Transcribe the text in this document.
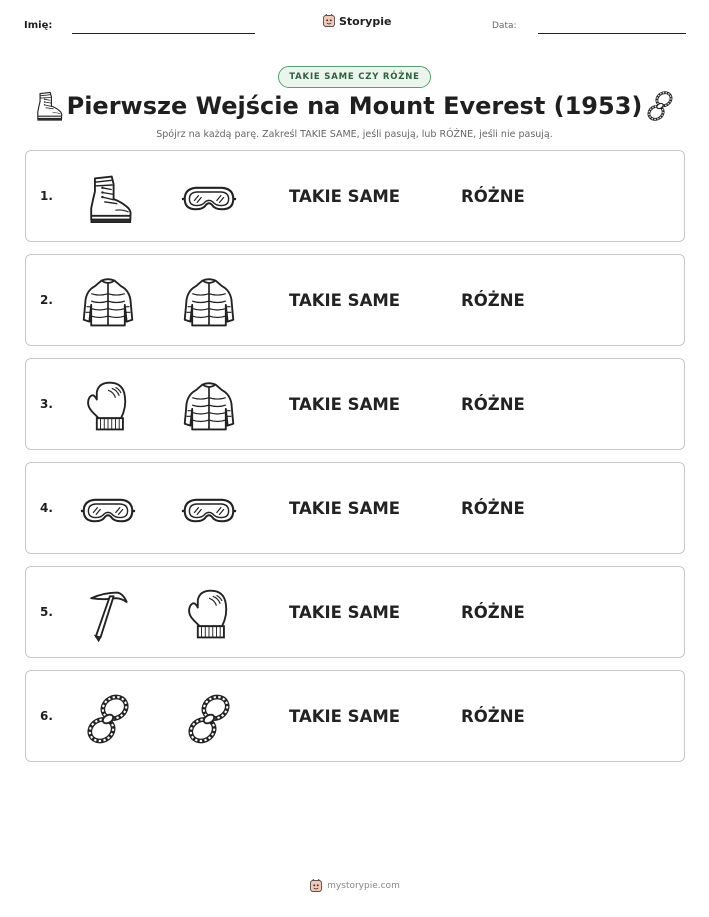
Imię:	Storypie	Data:
TAKIE SAME CZY RÓŻNE
Pierwsze Wejście na Mount Everest (1953)

Spójrz na każdą parę. Zakreśl TAKIE SAME, jeśli pasują, lub RÓŻNE, jeśli nie pasują.

1.	TAKIE SAME	RÓŻNE
2.	TAKIE SAME	RÓŻNE
3.	TAKIE SAME	RÓŻNE
4.	TAKIE SAME	RÓŻNE
5.	TAKIE SAME	RÓŻNE
6.	TAKIE SAME	RÓŻNE
mystorypie.com
